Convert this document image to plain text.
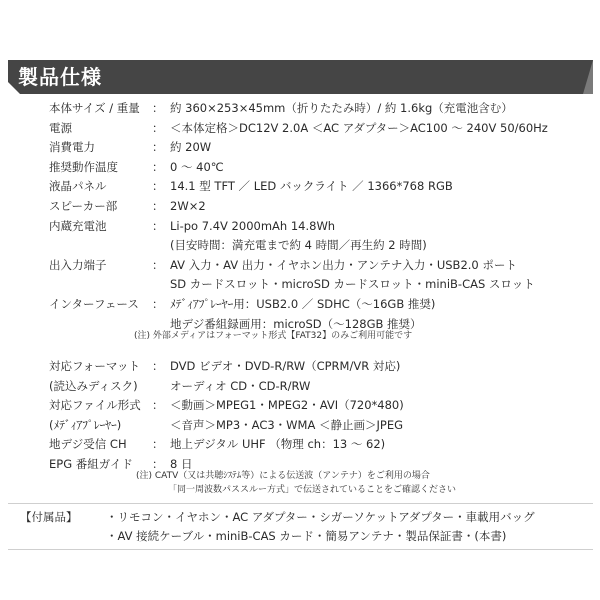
製品仕様
本体サイズ / 重量 ： 約 360×253×45mm（折りたたみ時）/ 約 1.6kg（充電池含む）
電源	： ＜本体定格＞DC12V 2.0A ＜AC アダプター＞AC100 ～ 240V 50/60Hz
消費電力	： 約 20W
推奨動作温度	： 0 ～ 40℃
液晶パネル	： 14.1 型 TFT ／ LED バックライト ／ 1366*768 RGB
スピーカー部	： 2W×2
内蔵充電池	： Li-po 7.4V 2000mAh 14.8Wh
(目安時間：満充電まで約 4 時間／再生約 2 時間)
出入力端子	： AV 入力・AV 出力・イヤホン出力・アンテナ入力・USB2.0 ポート
SD カードスロット・microSD カードスロット・miniB-CAS スロット
インターフェース ： ﾒﾃﾞｨｱﾌﾟﾚｰﾔｰ用：USB2.0 ／ SDHC（～16GB 推奨)
地デジ番組録画用：microSD（～128GB 推奨）
対応フォーマット ： DVD ビデオ・DVD-R/RW（CPRM/VR 対応)
(読込みディスク)	オーディオ CD・CD-R/RW
対応ファイル形式 ： ＜動画＞MPEG1・MPEG2・AVI（720*480)
(ﾒﾃﾞｨｱﾌﾟﾚｰﾔｰ)	＜音声＞MP3・AC3・WMA ＜静止画＞JPEG
地デジ受信 CH ： 地上デジタル UHF （物理 ch：13 ～ 62)
EPG 番組ガイド ： 8 日
(注) 外部メディアはフォーマット形式【FAT32】のみご利用可能です
(注) CATV（又は共聴ｼｽﾃﾑ等）による伝送波（アンテナ）をご利用の場合
「同一周波数パススルー方式」で伝送されていることをご確認ください
【付属品】 ・リモコン・イヤホン・AC アダプター・シガーソケットアダプター・車載用バッグ
・AV 接続ケーブル・miniB-CAS カード・簡易アンテナ・製品保証書・(本書)
